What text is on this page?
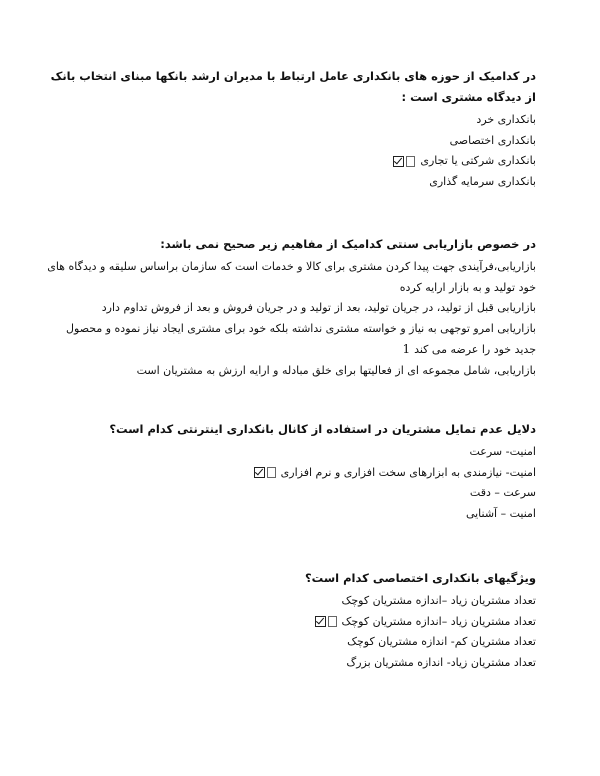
در کدامیک از حوزه های بانکداری عامل ارتباط با مدیران ارشد بانکها مبنای انتخاب بانک از دیدگاه مشتری است :

بانکداری خرد

بانکداری اختصاصی

بانکداری شرکتی یا تجاری

بانکداری سرمایه گذاری

در خصوص بازاریابی سنتی کدامیک از مفاهیم زیر صحیح نمی باشد:

بازاریابی،فرآیندی جهت پیدا کردن مشتری برای کالا و خدمات است که سازمان براساس سلیقه و دیدگاه های خود تولید و به بازار ارایه کرده

بازاریابی قبل از تولید، در جریان تولید، بعد از تولید و در جریان فروش و بعد از فروش تداوم دارد

بازاریابی امرو توجهی به نیاز و خواسته مشتری نداشته بلکه خود برای مشتری ایجاد نیاز نموده و محصول جدید خود را عرضه می کند1

بازاریابی، شامل مجموعه ای از فعالیتها برای خلق مبادله و ارایه ارزش به مشتریان است

دلایل عدم تمایل مشتریان در استفاده از کانال بانکداری اینترنتی کدام است؟

امنیت- سرعت

امنیت- نیازمندی به ابزارهای سخت افزاری و نرم افزاری

سرعت – دقت

امنیت – آشنایی

ویژگیهای بانکداری اختصاصی کدام است؟

تعداد مشتریان زیاد –اندازه مشتریان کوچک

تعداد مشتریان زیاد –اندازه مشتریان کوچک

تعداد مشتریان کم- اندازه مشتریان کوچک

تعداد مشتریان زیاد- اندازه مشتریان بزرگ
